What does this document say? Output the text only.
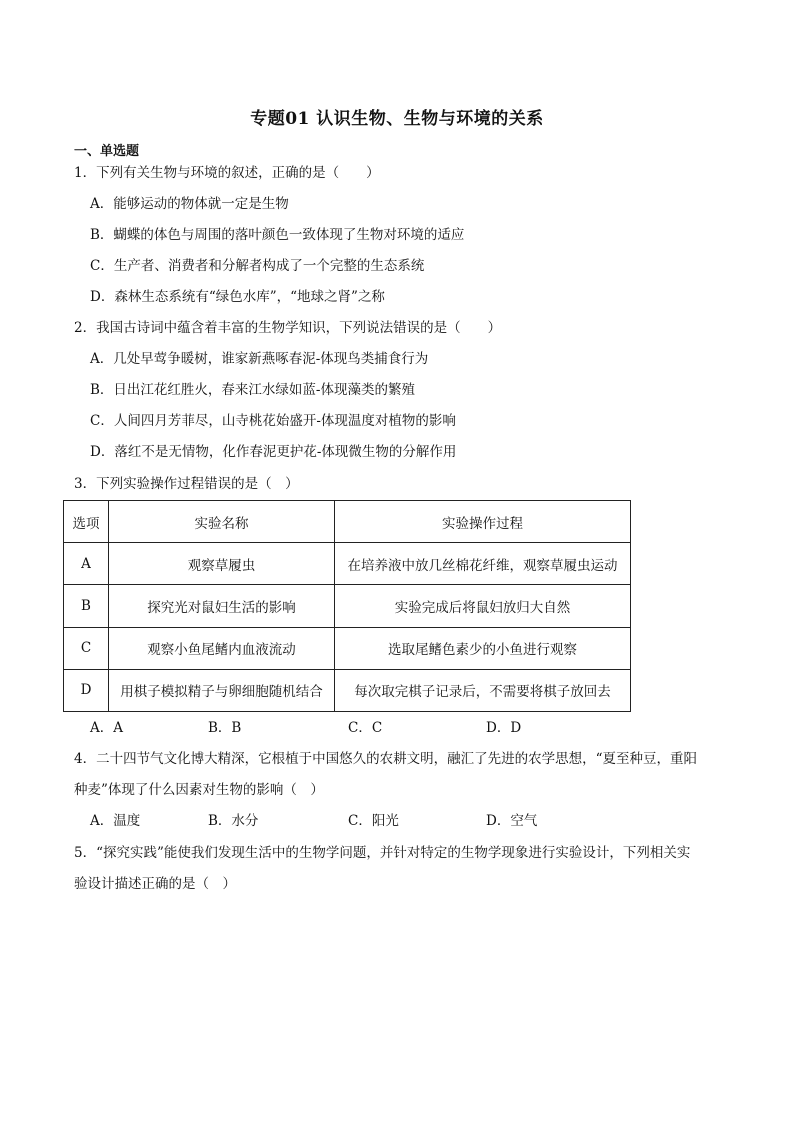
专题01 认识生物、生物与环境的关系
一、单选题
1．下列有关生物与环境的叙述，正确的是（　　）
A．能够运动的物体就一定是生物
B．蝴蝶的体色与周围的落叶颜色一致体现了生物对环境的适应
C．生产者、消费者和分解者构成了一个完整的生态系统
D．森林生态系统有“绿色水库”，“地球之肾”之称
2．我国古诗词中蕴含着丰富的生物学知识，下列说法错误的是（　　）
A．几处早莺争暖树，谁家新燕啄春泥-体现鸟类捕食行为
B．日出江花红胜火，春来江水绿如蓝-体现藻类的繁殖
C．人间四月芳菲尽，山寺桃花始盛开-体现温度对植物的影响
D．落红不是无情物，化作春泥更护花-体现微生物的分解作用
3．下列实验操作过程错误的是（　）
选项	实验名称	实验操作过程
A	观察草履虫	在培养液中放几丝棉花纤维，观察草履虫运动
B	探究光对鼠妇生活的影响	实验完成后将鼠妇放归大自然
C	观察小鱼尾鳍内血液流动	选取尾鳍色素少的小鱼进行观察
D	用棋子模拟精子与卵细胞随机结合	每次取完棋子记录后，不需要将棋子放回去
A．A	B．B	C．C	D．D
4．二十四节气文化博大精深，它根植于中国悠久的农耕文明，融汇了先进的农学思想，“夏至种豆，重阳
种麦”体现了什么因素对生物的影响（　）
A．温度	B．水分	C．阳光	D．空气
5．“探究实践”能使我们发现生活中的生物学问题，并针对特定的生物学现象进行实验设计，下列相关实
验设计描述正确的是（　）
